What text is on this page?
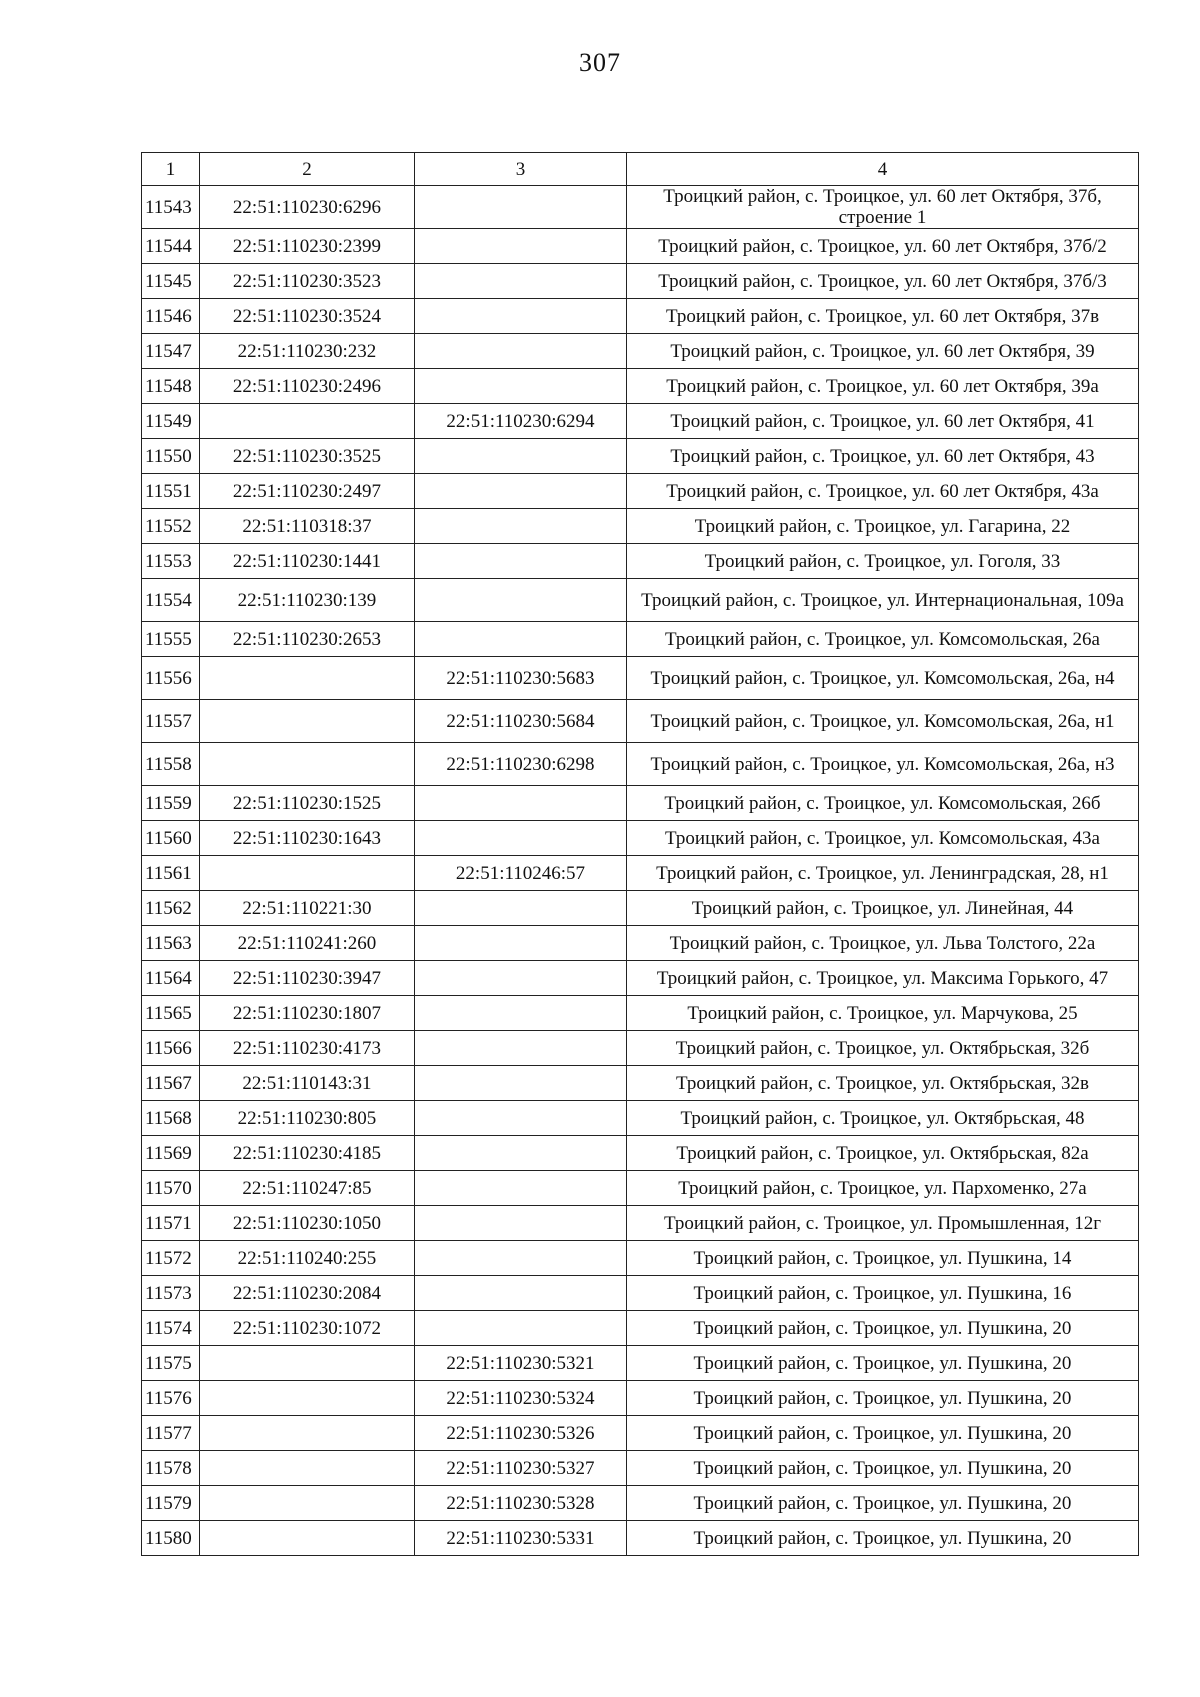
307
1	2	3	4
11543	22:51:110230:6296		Троицкий район, с. Троицкое, ул. 60 лет Октября, 37б, строение 1
11544	22:51:110230:2399		Троицкий район, с. Троицкое, ул. 60 лет Октября, 37б/2
11545	22:51:110230:3523		Троицкий район, с. Троицкое, ул. 60 лет Октября, 37б/3
11546	22:51:110230:3524		Троицкий район, с. Троицкое, ул. 60 лет Октября, 37в
11547	22:51:110230:232		Троицкий район, с. Троицкое, ул. 60 лет Октября, 39
11548	22:51:110230:2496		Троицкий район, с. Троицкое, ул. 60 лет Октября, 39а
11549		22:51:110230:6294	Троицкий район, с. Троицкое, ул. 60 лет Октября, 41
11550	22:51:110230:3525		Троицкий район, с. Троицкое, ул. 60 лет Октября, 43
11551	22:51:110230:2497		Троицкий район, с. Троицкое, ул. 60 лет Октября, 43а
11552	22:51:110318:37		Троицкий район, с. Троицкое, ул. Гагарина, 22
11553	22:51:110230:1441		Троицкий район, с. Троицкое, ул. Гоголя, 33
11554	22:51:110230:139		Троицкий район, с. Троицкое, ул. Интернациональная, 109а
11555	22:51:110230:2653		Троицкий район, с. Троицкое, ул. Комсомольская, 26а
11556		22:51:110230:5683	Троицкий район, с. Троицкое, ул. Комсомольская, 26а, н4
11557		22:51:110230:5684	Троицкий район, с. Троицкое, ул. Комсомольская, 26а, н1
11558		22:51:110230:6298	Троицкий район, с. Троицкое, ул. Комсомольская, 26а, н3
11559	22:51:110230:1525		Троицкий район, с. Троицкое, ул. Комсомольская, 26б
11560	22:51:110230:1643		Троицкий район, с. Троицкое, ул. Комсомольская, 43а
11561		22:51:110246:57	Троицкий район, с. Троицкое, ул. Ленинградская, 28, н1
11562	22:51:110221:30		Троицкий район, с. Троицкое, ул. Линейная, 44
11563	22:51:110241:260		Троицкий район, с. Троицкое, ул. Льва Толстого, 22а
11564	22:51:110230:3947		Троицкий район, с. Троицкое, ул. Максима Горького, 47
11565	22:51:110230:1807		Троицкий район, с. Троицкое, ул. Марчукова, 25
11566	22:51:110230:4173		Троицкий район, с. Троицкое, ул. Октябрьская, 32б
11567	22:51:110143:31		Троицкий район, с. Троицкое, ул. Октябрьская, 32в
11568	22:51:110230:805		Троицкий район, с. Троицкое, ул. Октябрьская, 48
11569	22:51:110230:4185		Троицкий район, с. Троицкое, ул. Октябрьская, 82а
11570	22:51:110247:85		Троицкий район, с. Троицкое, ул. Пархоменко, 27а
11571	22:51:110230:1050		Троицкий район, с. Троицкое, ул. Промышленная, 12г
11572	22:51:110240:255		Троицкий район, с. Троицкое, ул. Пушкина, 14
11573	22:51:110230:2084		Троицкий район, с. Троицкое, ул. Пушкина, 16
11574	22:51:110230:1072		Троицкий район, с. Троицкое, ул. Пушкина, 20
11575		22:51:110230:5321	Троицкий район, с. Троицкое, ул. Пушкина, 20
11576		22:51:110230:5324	Троицкий район, с. Троицкое, ул. Пушкина, 20
11577		22:51:110230:5326	Троицкий район, с. Троицкое, ул. Пушкина, 20
11578		22:51:110230:5327	Троицкий район, с. Троицкое, ул. Пушкина, 20
11579		22:51:110230:5328	Троицкий район, с. Троицкое, ул. Пушкина, 20
11580		22:51:110230:5331	Троицкий район, с. Троицкое, ул. Пушкина, 20
